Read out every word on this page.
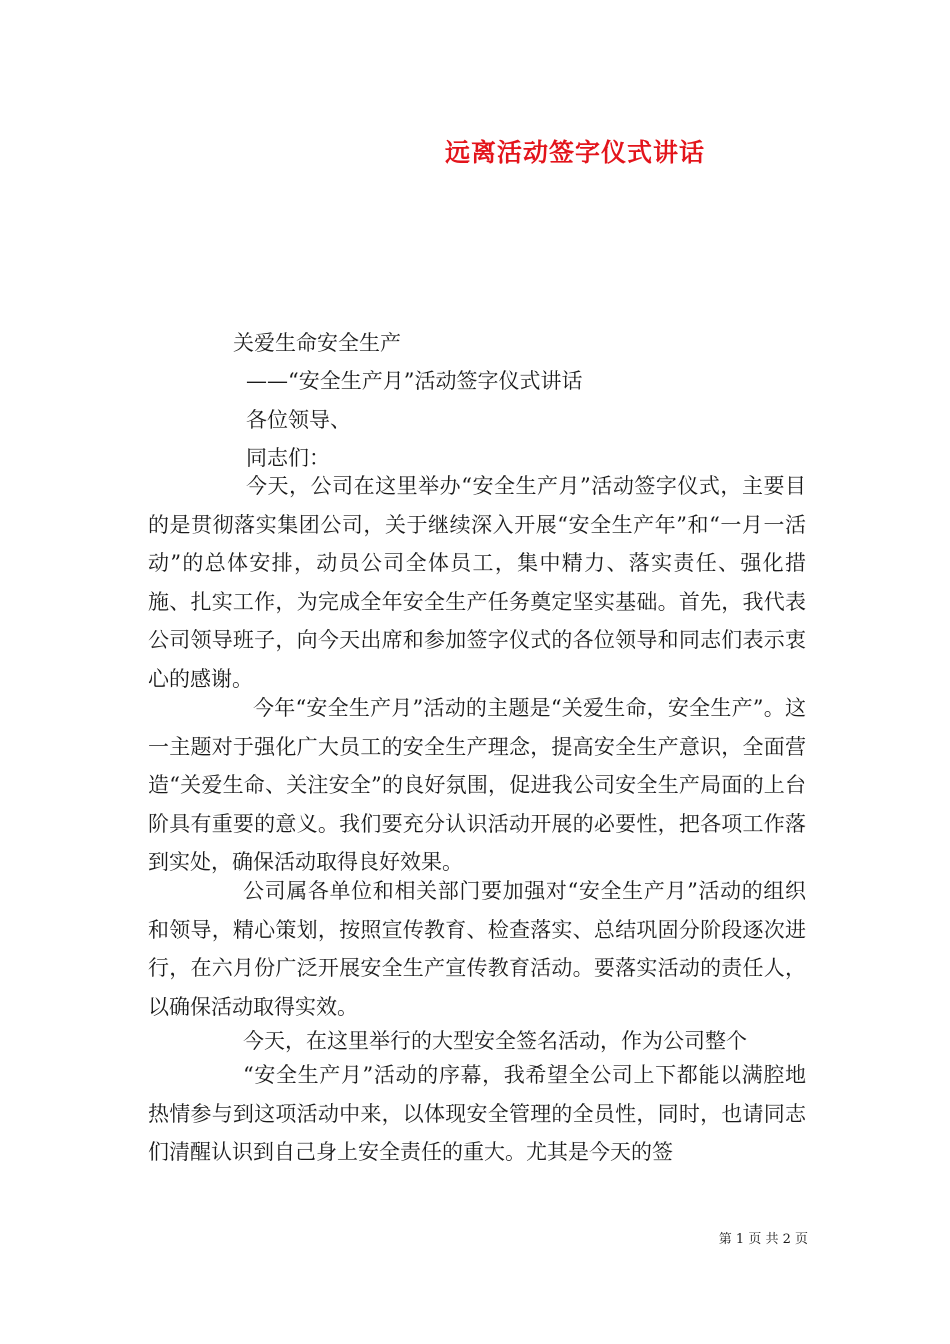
远离活动签字仪式讲话
关爱生命安全生产
——“安全生产月”活动签字仪式讲话
各位领导、
同志们：

今天，公司在这里举办“安全生产月”活动签字仪式，主要目的是贯彻落实集团公司，关于继续深入开展“安全生产年”和“一月一活动”的总体安排，动员公司全体员工，集中精力、落实责任、强化措施、扎实工作，为完成全年安全生产任务奠定坚实基础。首先，我代表公司领导班子，向今天出席和参加签字仪式的各位领导和同志们表示衷心的感谢。

今年“安全生产月”活动的主题是“关爱生命，安全生产”。这一主题对于强化广大员工的安全生产理念，提高安全生产意识，全面营造“关爱生命、关注安全”的良好氛围，促进我公司安全生产局面的上台阶具有重要的意义。我们要充分认识活动开展的必要性，把各项工作落到实处，确保活动取得良好效果。

公司属各单位和相关部门要加强对“安全生产月”活动的组织和领导，精心策划，按照宣传教育、检查落实、总结巩固分阶段逐次进行，在六月份广泛开展安全生产宣传教育活动。要落实活动的责任人，以确保活动取得实效。

今天，在这里举行的大型安全签名活动，作为公司整个

“安全生产月”活动的序幕，我希望全公司上下都能以满腔地热情参与到这项活动中来，以体现安全管理的全员性，同时，也请同志们清醒认识到自己身上安全责任的重大。尤其是今天的签

第 1 页 共 2 页
